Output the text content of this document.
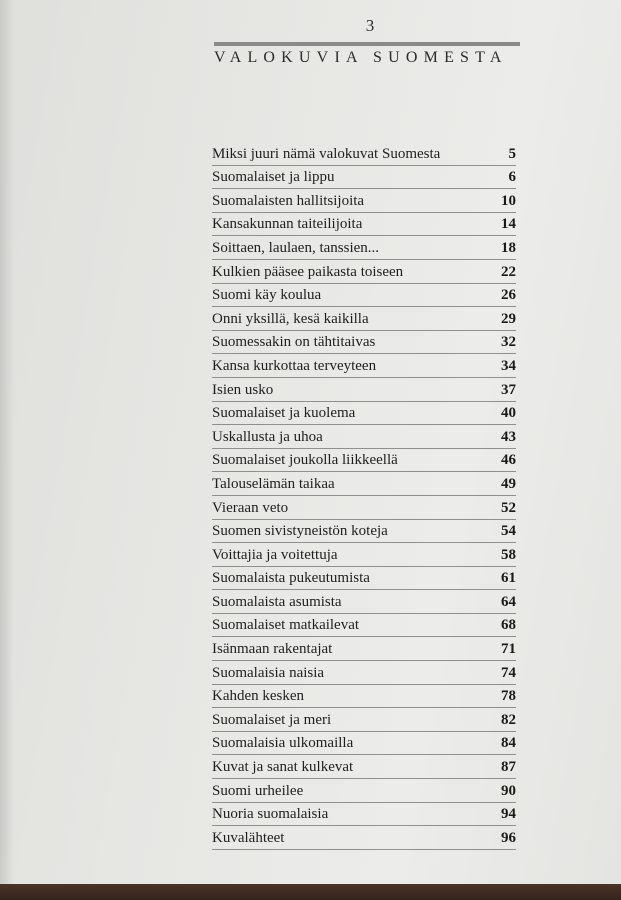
3
VALOKUVIA SUOMESTA
Miksi juuri nämä valokuvat Suomesta	5
Suomalaiset ja lippu	6
Suomalaisten hallitsijoita	10
Kansakunnan taiteilijoita	14
Soittaen, laulaen, tanssien...	18
Kulkien pääsee paikasta toiseen	22
Suomi käy koulua	26
Onni yksillä, kesä kaikilla	29
Suomessakin on tähtitaivas	32
Kansa kurkottaa terveyteen	34
Isien usko	37
Suomalaiset ja kuolema	40
Uskallusta ja uhoa	43
Suomalaiset joukolla liikkeellä	46
Talouselämän taikaa	49
Vieraan veto	52
Suomen sivistyneistön koteja	54
Voittajia ja voitettuja	58
Suomalaista pukeutumista	61
Suomalaista asumista	64
Suomalaiset matkailevat	68
Isänmaan rakentajat	71
Suomalaisia naisia	74
Kahden kesken	78
Suomalaiset ja meri	82
Suomalaisia ulkomailla	84
Kuvat ja sanat kulkevat	87
Suomi urheilee	90
Nuoria suomalaisia	94
Kuvalähteet	96
